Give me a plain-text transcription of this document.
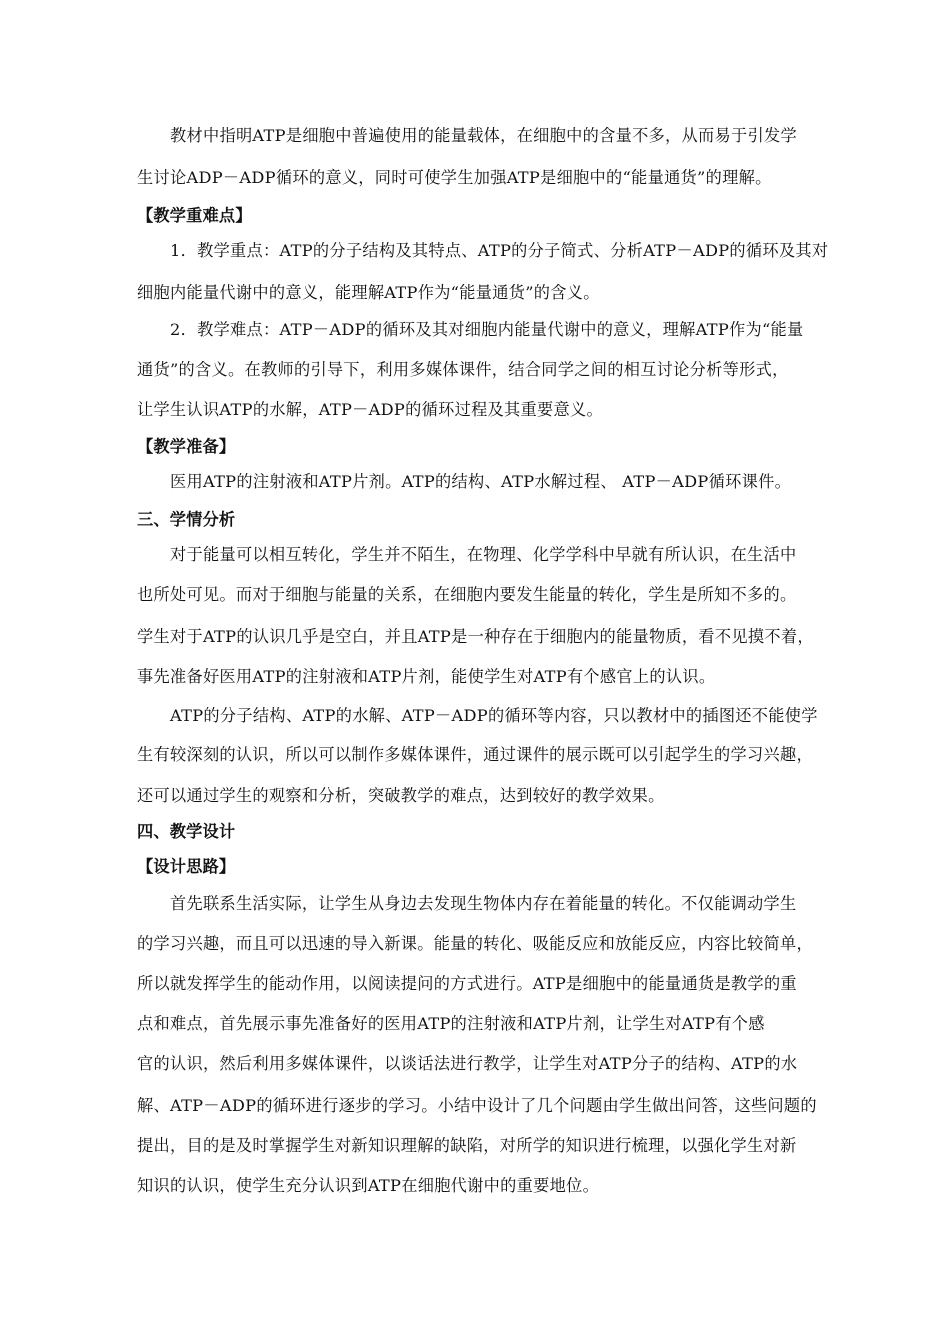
教材中指明ATP是细胞中普遍使用的能量载体，在细胞中的含量不多，从而易于引发学
生讨论ADP－ADP循环的意义，同时可使学生加强ATP是细胞中的“能量通货”的理解。
【教学重难点】
1．教学重点：ATP的分子结构及其特点、ATP的分子简式、分析ATP－ADP的循环及其对
细胞内能量代谢中的意义，能理解ATP作为“能量通货”的含义。
2．教学难点：ATP－ADP的循环及其对细胞内能量代谢中的意义，理解ATP作为“能量
通货”的含义。在教师的引导下，利用多媒体课件，结合同学之间的相互讨论分析等形式，
让学生认识ATP的水解，ATP－ADP的循环过程及其重要意义。
【教学准备】
医用ATP的注射液和ATP片剂。ATP的结构、ATP水解过程、 ATP－ADP循环课件。
三、学情分析
对于能量可以相互转化，学生并不陌生，在物理、化学学科中早就有所认识，在生活中
也所处可见。而对于细胞与能量的关系，在细胞内要发生能量的转化，学生是所知不多的。
学生对于ATP的认识几乎是空白，并且ATP是一种存在于细胞内的能量物质，看不见摸不着，
事先准备好医用ATP的注射液和ATP片剂，能使学生对ATP有个感官上的认识。
ATP的分子结构、ATP的水解、ATP－ADP的循环等内容，只以教材中的插图还不能使学
生有较深刻的认识，所以可以制作多媒体课件，通过课件的展示既可以引起学生的学习兴趣，
还可以通过学生的观察和分析，突破教学的难点，达到较好的教学效果。
四、教学设计
【设计思路】
首先联系生活实际，让学生从身边去发现生物体内存在着能量的转化。不仅能调动学生
的学习兴趣，而且可以迅速的导入新课。能量的转化、吸能反应和放能反应，内容比较简单，
所以就发挥学生的能动作用，以阅读提问的方式进行。ATP是细胞中的能量通货是教学的重
点和难点，首先展示事先准备好的医用ATP的注射液和ATP片剂，让学生对ATP有个感
官的认识，然后利用多媒体课件，以谈话法进行教学，让学生对ATP分子的结构、ATP的水
解、ATP－ADP的循环进行逐步的学习。小结中设计了几个问题由学生做出问答，这些问题的
提出，目的是及时掌握学生对新知识理解的缺陷，对所学的知识进行梳理，以强化学生对新
知识的认识，使学生充分认识到ATP在细胞代谢中的重要地位。
